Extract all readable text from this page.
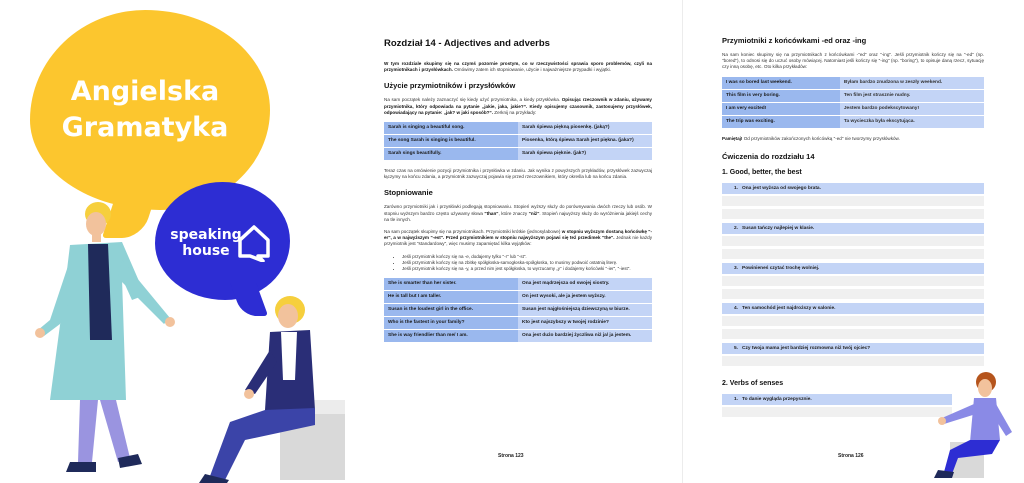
Angielska
Gramatyka
speaking
house
Rozdział 14 - Adjectives and adverbs

W tym rozdziale skupimy się na czymś pozornie prostym, co w rzeczywistości sprawia sporo problemów, czyli na przymiotnikach i przysłówkach. Omówimy zatem ich stopniowanie, użycie i najważniejsze przypadki i wyjątki.

Użycie przymiotników i przysłówków

Na sam początek należy zaznaczyć się kiedy użyć przymiotnika, a kiedy przysłówka. Opisując rzeczownik w zdaniu, używamy przymiotnika, który odpowiada na pytanie „jakie, jaka, jakie?”. Kiedy opisujemy czasownik, zastosujemy przysłówek, odpowiadający na pytanie: „jak? w jaki sposób?”. Zerknij na przykłady:

Sarah is singing a beautiful song.	Sarah śpiewa piękną piosenkę. (jaką?)
The song Sarah is singing is beautiful.	Piosenka, którą śpiewa Sarah jest piękna. (jaka?)
Sarah sings beautifully.	Sarah śpiewa pięknie. (jak?)

Teraz czas na omówienie pozycji przymiotnika i przysłówka w zdaniu. Jak wynika z powyższych przykładów, przysłówek zazwyczaj łączymy na końcu zdania, a przymiotnik zazwyczaj pojawia się przed rzeczownikiem, który określa lub na końcu zdania.

Stopniowanie

Zarówno przymiotniki jak i przysłówki podlegają stopniowaniu. Stopień wyższy służy do porównywania dwóch rzeczy lub osób. W stopniu wyższym bardzo często używamy słowa "than", które znaczy "niż". Stopień najwyższy służy do wyróżnienia jakiejś cechy na tle innych.

Na sam początek skupimy się na przymiotnikach. Przymiotniki krótkie (jednosylabowe) w stopniu wyższym dostaną końcówkę "-er", a w najwyższym "-est". Przed przymiotnikiem w stopniu najwyższym pojawi się też przedimek "the". Jednak nie każdy przymiotnik jest "standardowy", więc musimy zapamiętać kilka wyjątków:

• Jeśli przymiotnik kończy się na -e, dodajemy tylko "-r" lub "-st".
• Jeśli przymiotnik kończy się na zbitkę spółgłoska-samogłoska-spółgłoska, to musimy podwoić ostatnią literę.
• Jeśli przymiotnik kończy się na -y, a przed nim jest spółgłoska, to wyrzucamy „y” i dodajemy końcówki "-ier", "-iest".
She is smarter than her sister.	Ona jest mądrzejsza od swojej siostry.
He is tall but I am taller.	On jest wysoki, ale ja jestem wyższy.
Susan is the loudest girl in the office.	Susan jest najgłośniejszą dziewczyną w biurze.
Who is the fastest in your family?	Kto jest najszybszy w twojej rodzinie?
She is way friendlier than me/ I am.	Ona jest dużo bardziej życzliwa niż ja/ ja jestem.
Strona 123
Przymiotniki z końcówkami -ed oraz -ing

Na sam koniec skupimy się na przymiotnikach z końcówkami -"ed" oraz "-ing". Jeśli przymiotnik kończy się na "-ed" (np. "bored"), to odnosi się do uczuć osoby mówiącej. Natomiast jeśli kończy się "-ing" (np. "boring"), to opisuje daną rzecz, sytuację czy inną osobę, etc. Oto kilka przykładów:

I was so bored last weekend.	Byłam bardzo znudzona w zeszły weekend.
This film is very boring.	Ten film jest strasznie nudny.
I am very excited!	Jestem bardzo podekscytowany!
The trip was exciting.	Ta wycieczka była ekscytująca.

Pamiętaj! Od przymiotników zakończonych końcówką "-ed" nie tworzymy przysłówków.

Ćwiczenia do rozdziału 14
1. Good, better, the best
1. Ona jest wyższa od swojego brata.
2. Susan tańczy najlepiej w klasie.
3. Powinieneś czytać trochę wolniej.
4. Ten samochód jest najdroższy w salonie.
5. Czy twoja mama jest bardziej rozmowna niż twój ojciec?
2. Verbs of senses
1. To danie wygląda przepysznie.
Strona 126
